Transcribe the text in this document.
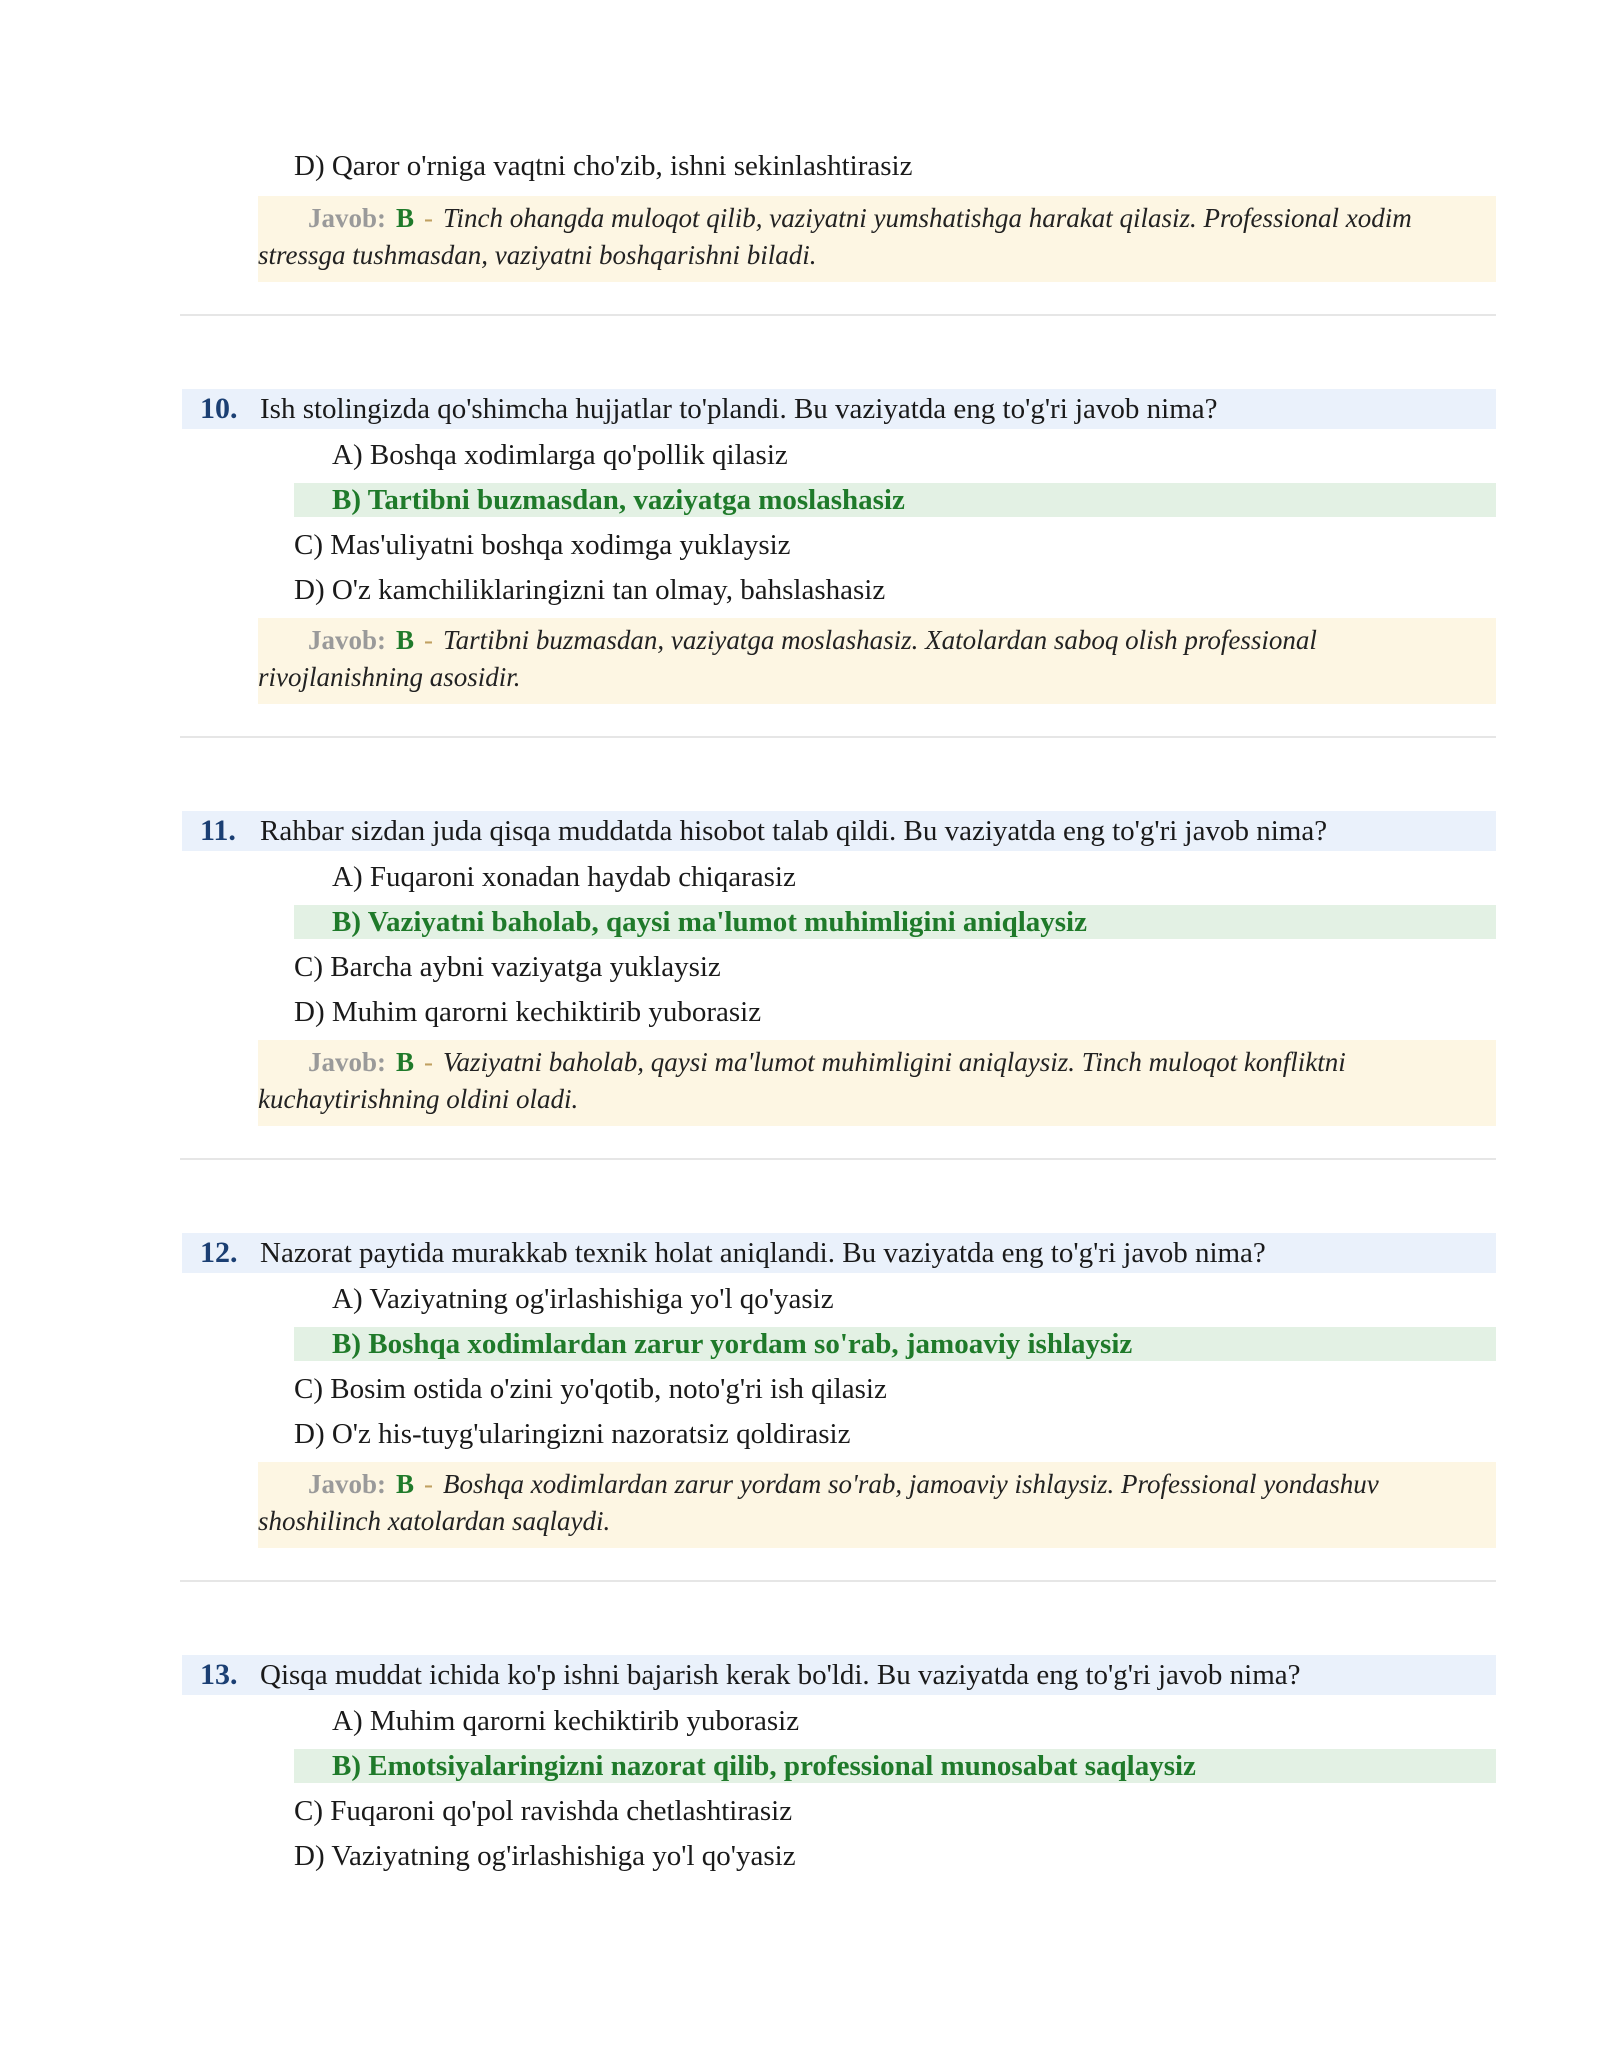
D) Qaror o'rniga vaqtni cho'zib, ishni sekinlashtirasiz
Javob: B - Tinch ohangda muloqot qilib, vaziyatni yumshatishga harakat qilasiz. Professional xodim stressga tushmasdan, vaziyatni boshqarishni biladi.
10. Ish stolingizda qo'shimcha hujjatlar to'plandi. Bu vaziyatda eng to'g'ri javob nima?
A) Boshqa xodimlarga qo'pollik qilasiz
B) Tartibni buzmasdan, vaziyatga moslashasiz
C) Mas'uliyatni boshqa xodimga yuklaysiz
D) O'z kamchiliklaringizni tan olmay, bahslashasiz
Javob: B - Tartibni buzmasdan, vaziyatga moslashasiz. Xatolardan saboq olish professional rivojlanishning asosidir.
11. Rahbar sizdan juda qisqa muddatda hisobot talab qildi. Bu vaziyatda eng to'g'ri javob nima?
A) Fuqaroni xonadan haydab chiqarasiz
B) Vaziyatni baholab, qaysi ma'lumot muhimligini aniqlaysiz
C) Barcha aybni vaziyatga yuklaysiz
D) Muhim qarorni kechiktirib yuborasiz
Javob: B - Vaziyatni baholab, qaysi ma'lumot muhimligini aniqlaysiz. Tinch muloqot konfliktni kuchaytirishning oldini oladi.
12. Nazorat paytida murakkab texnik holat aniqlandi. Bu vaziyatda eng to'g'ri javob nima?
A) Vaziyatning og'irlashishiga yo'l qo'yasiz
B) Boshqa xodimlardan zarur yordam so'rab, jamoaviy ishlaysiz
C) Bosim ostida o'zini yo'qotib, noto'g'ri ish qilasiz
D) O'z his-tuyg'ularingizni nazoratsiz qoldirasiz
Javob: B - Boshqa xodimlardan zarur yordam so'rab, jamoaviy ishlaysiz. Professional yondashuv shoshilinch xatolardan saqlaydi.
13. Qisqa muddat ichida ko'p ishni bajarish kerak bo'ldi. Bu vaziyatda eng to'g'ri javob nima?
A) Muhim qarorni kechiktirib yuborasiz
B) Emotsiyalaringizni nazorat qilib, professional munosabat saqlaysiz
C) Fuqaroni qo'pol ravishda chetlashtirasiz
D) Vaziyatning og'irlashishiga yo'l qo'yasiz
